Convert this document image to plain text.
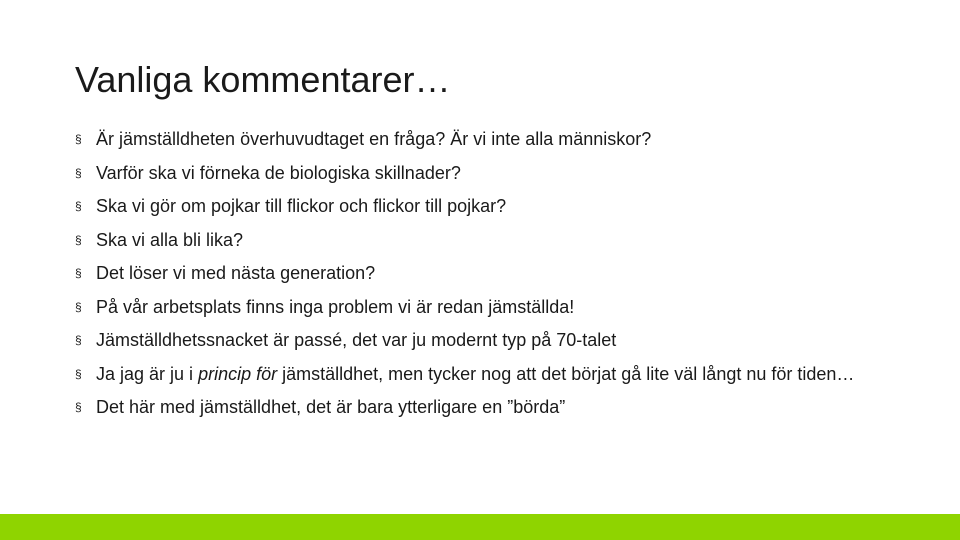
Vanliga kommentarer…
§ Är jämställdheten överhuvudtaget en fråga? Är vi inte alla människor?
§ Varför ska vi förneka de biologiska skillnader?
§ Ska vi gör om pojkar till flickor och flickor till pojkar?
§ Ska vi alla bli lika?
§ Det löser vi med nästa generation?
§ På vår arbetsplats finns inga problem vi är redan jämställda!
§ Jämställdhetssnacket är passé, det var ju modernt typ på 70-talet
§ Ja jag är ju i princip för jämställdhet, men tycker nog att det börjat gå lite väl långt nu för tiden…
§ Det här med jämställdhet, det är bara ytterligare en ”börda”
